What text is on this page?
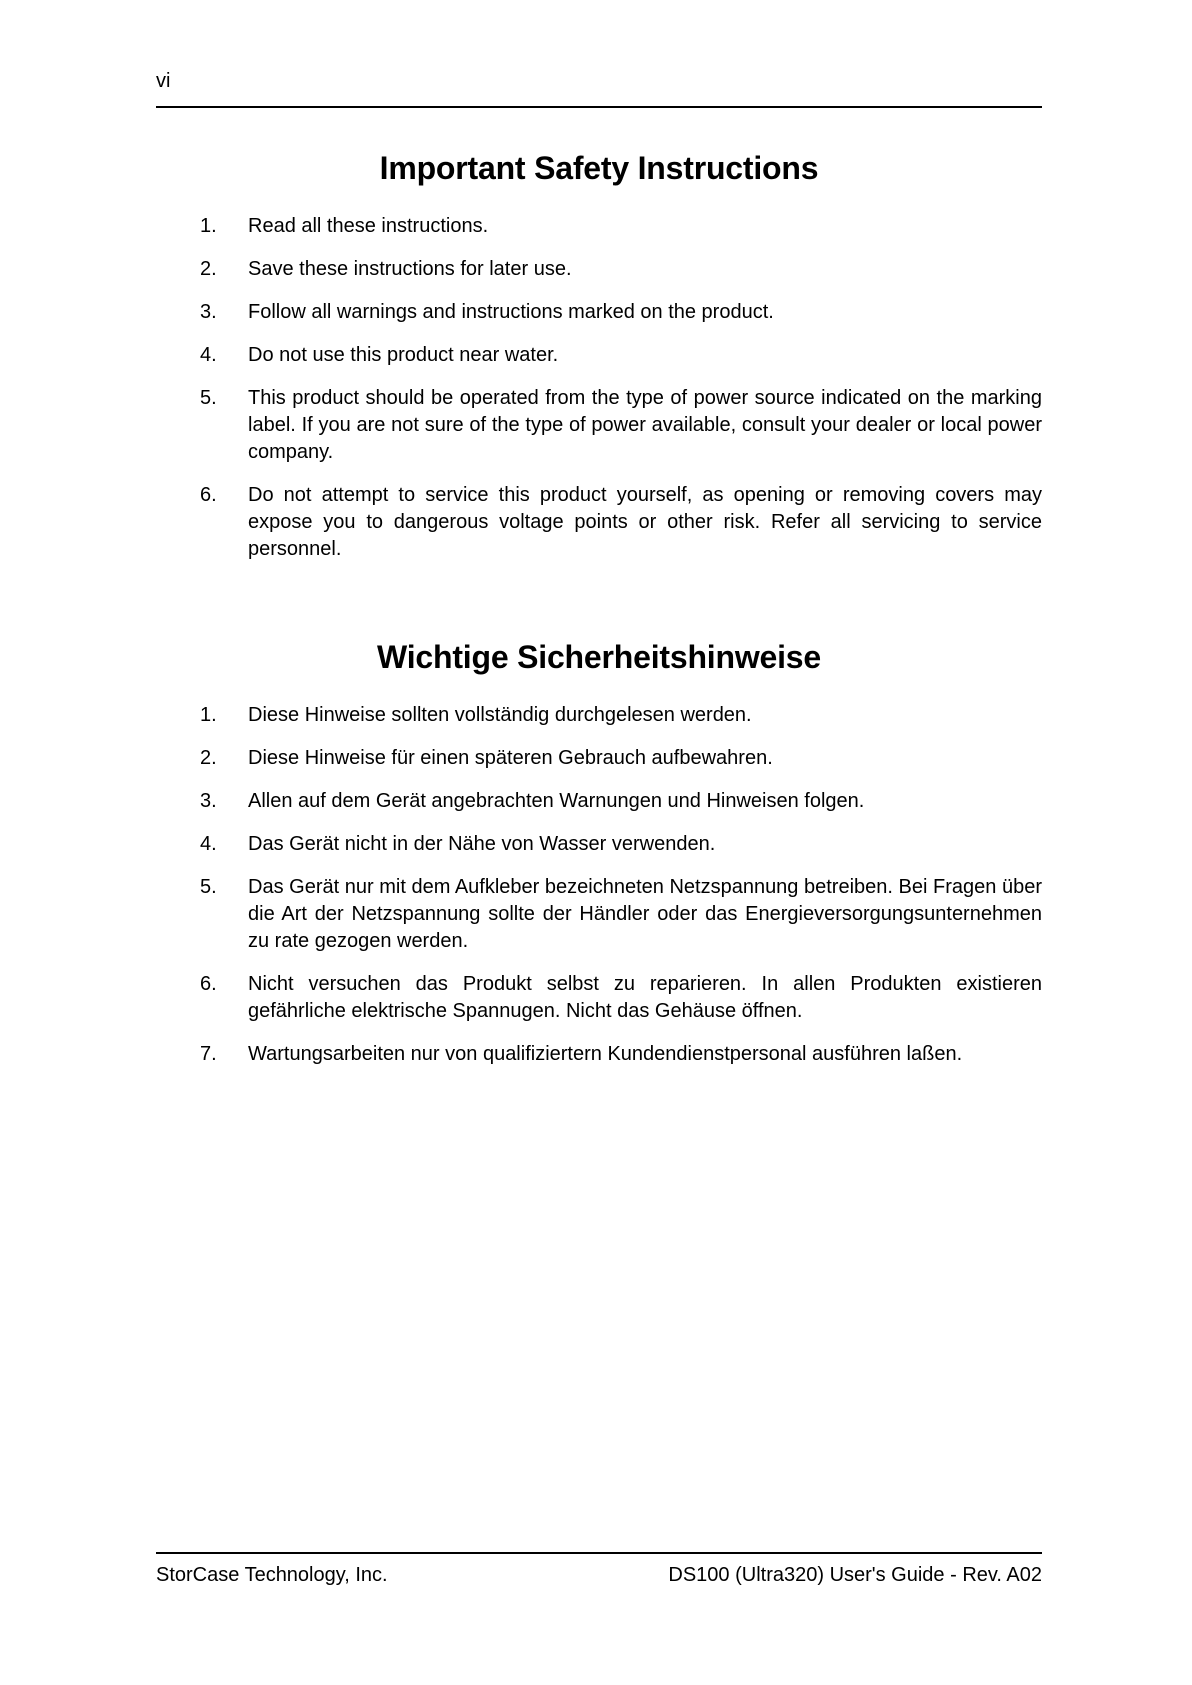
vi
Important Safety Instructions
1. Read all these instructions.
2. Save these instructions for later use.
3. Follow all warnings and instructions marked on the product.
4. Do not use this product near water.
5. This product should be operated from the type of power source indicated on the marking label. If you are not sure of the type of power available, consult your dealer or local power company.
6. Do not attempt to service this product yourself, as opening or removing covers may expose you to dangerous voltage points or other risk. Refer all servicing to service personnel.
Wichtige Sicherheitshinweise
1. Diese Hinweise sollten vollständig durchgelesen werden.
2. Diese Hinweise für einen späteren Gebrauch aufbewahren.
3. Allen auf dem Gerät angebrachten Warnungen und Hinweisen folgen.
4. Das Gerät nicht in der Nähe von Wasser verwenden.
5. Das Gerät nur mit dem Aufkleber bezeichneten Netzspannung betreiben. Bei Fragen über die Art der Netzspannung sollte der Händler oder das Energieversorgungsunternehmen zu rate gezogen werden.
6. Nicht versuchen das Produkt selbst zu reparieren. In allen Produkten existieren gefährliche elektrische Spannugen. Nicht das Gehäuse öffnen.
7. Wartungsarbeiten nur von qualifiziertern Kundendienstpersonal ausführen laßen.
StorCase Technology, Inc.	DS100 (Ultra320) User's Guide - Rev. A02
